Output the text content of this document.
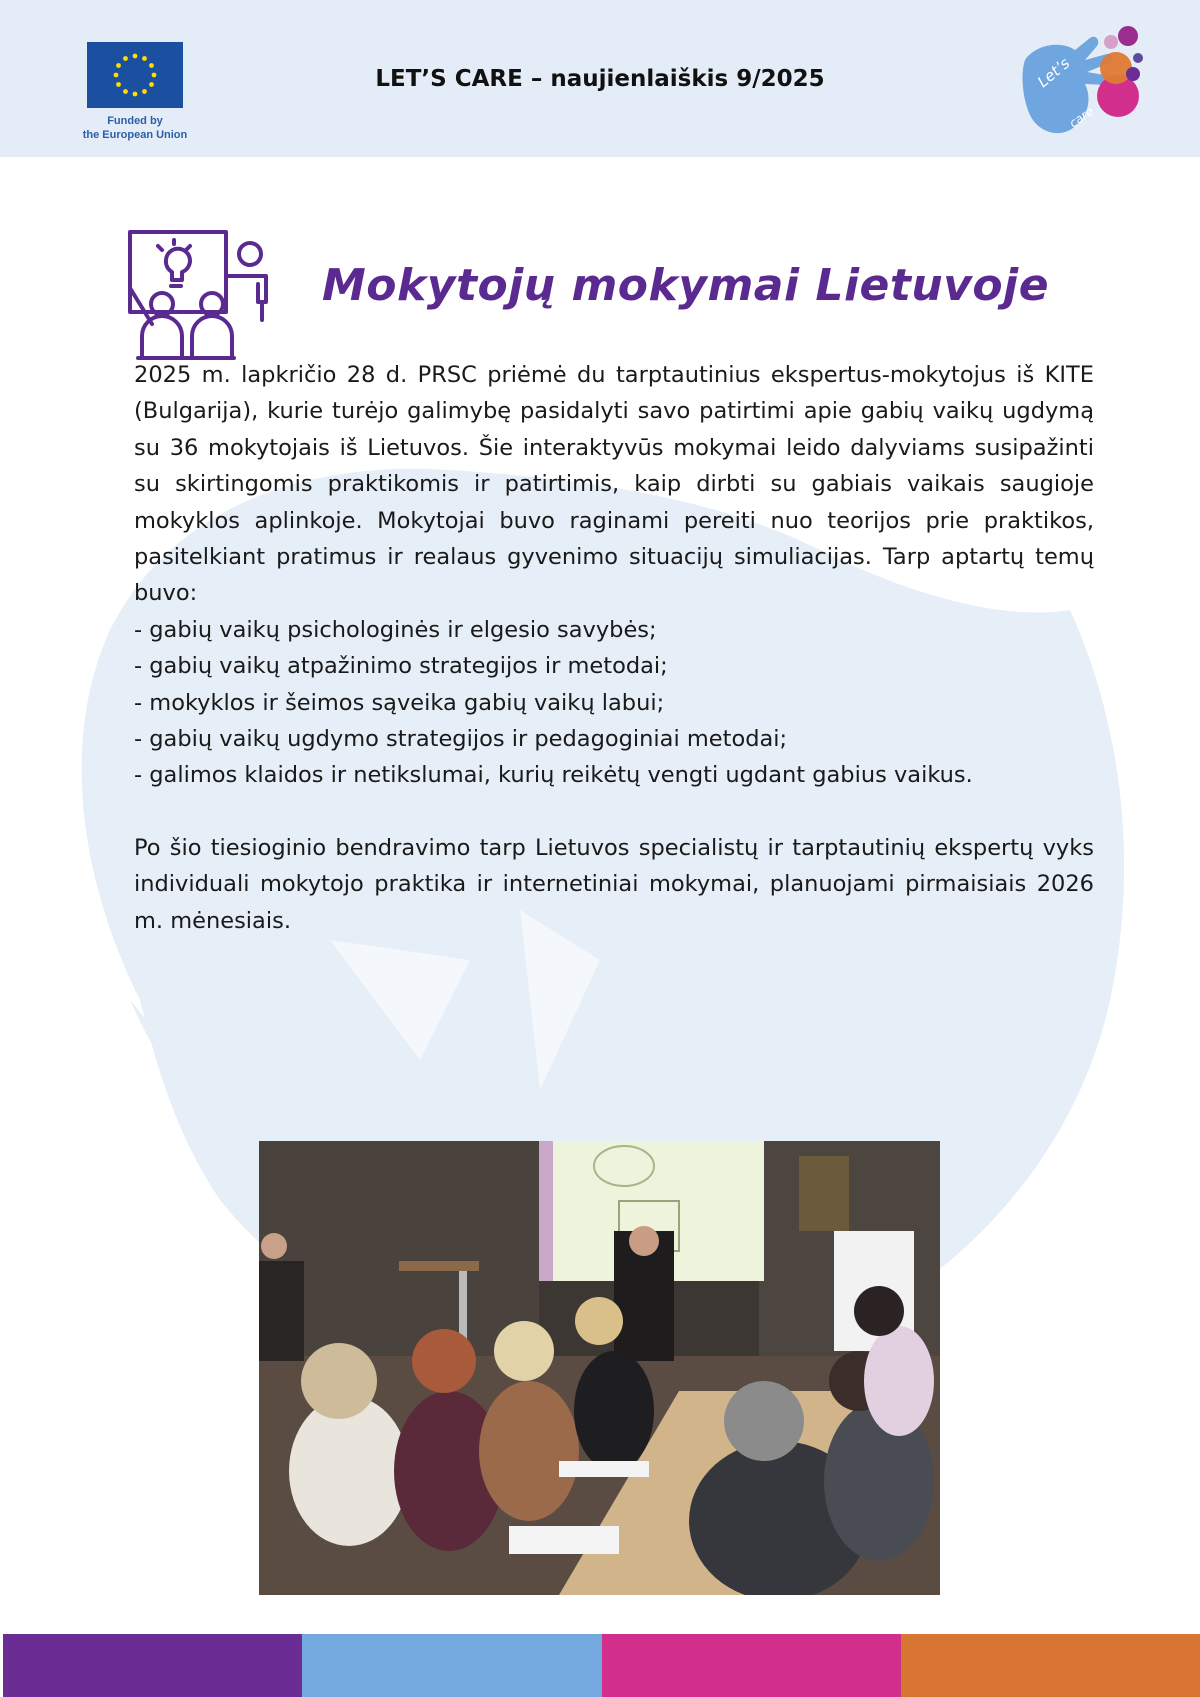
Funded by
the European Union
LET’S CARE – naujienlaiškis 9/2025	Let’s
care
Mokytojų mokymai Lietuvoje

2025 m. lapkričio 28 d. PRSC priėmė du tarptautinius ekspertus-mokytojus iš KITE (Bulgarija), kurie turėjo galimybę pasidalyti savo patirtimi apie gabių vaikų ugdymą su 36 mokytojais iš Lietuvos. Šie interaktyvūs mokymai leido dalyviams susipažinti su skirtingomis praktikomis ir patirtimis, kaip dirbti su gabiais vaikais saugioje mokyklos aplinkoje. Mokytojai buvo raginami pereiti nuo teorijos prie praktikos, pasitelkiant pratimus ir realaus gyvenimo situacijų simuliacijas. Tarp aptartų temų buvo:

- gabių vaikų psichologinės ir elgesio savybės;
- gabių vaikų atpažinimo strategijos ir metodai;
- mokyklos ir šeimos sąveika gabių vaikų labui;
- gabių vaikų ugdymo strategijos ir pedagoginiai metodai;
- galimos klaidos ir netikslumai, kurių reikėtų vengti ugdant gabius vaikus.

Po šio tiesioginio bendravimo tarp Lietuvos specialistų ir tarptautinių ekspertų vyks individuali mokytojo praktika ir internetiniai mokymai, planuojami pirmaisiais 2026 m. mėnesiais.
